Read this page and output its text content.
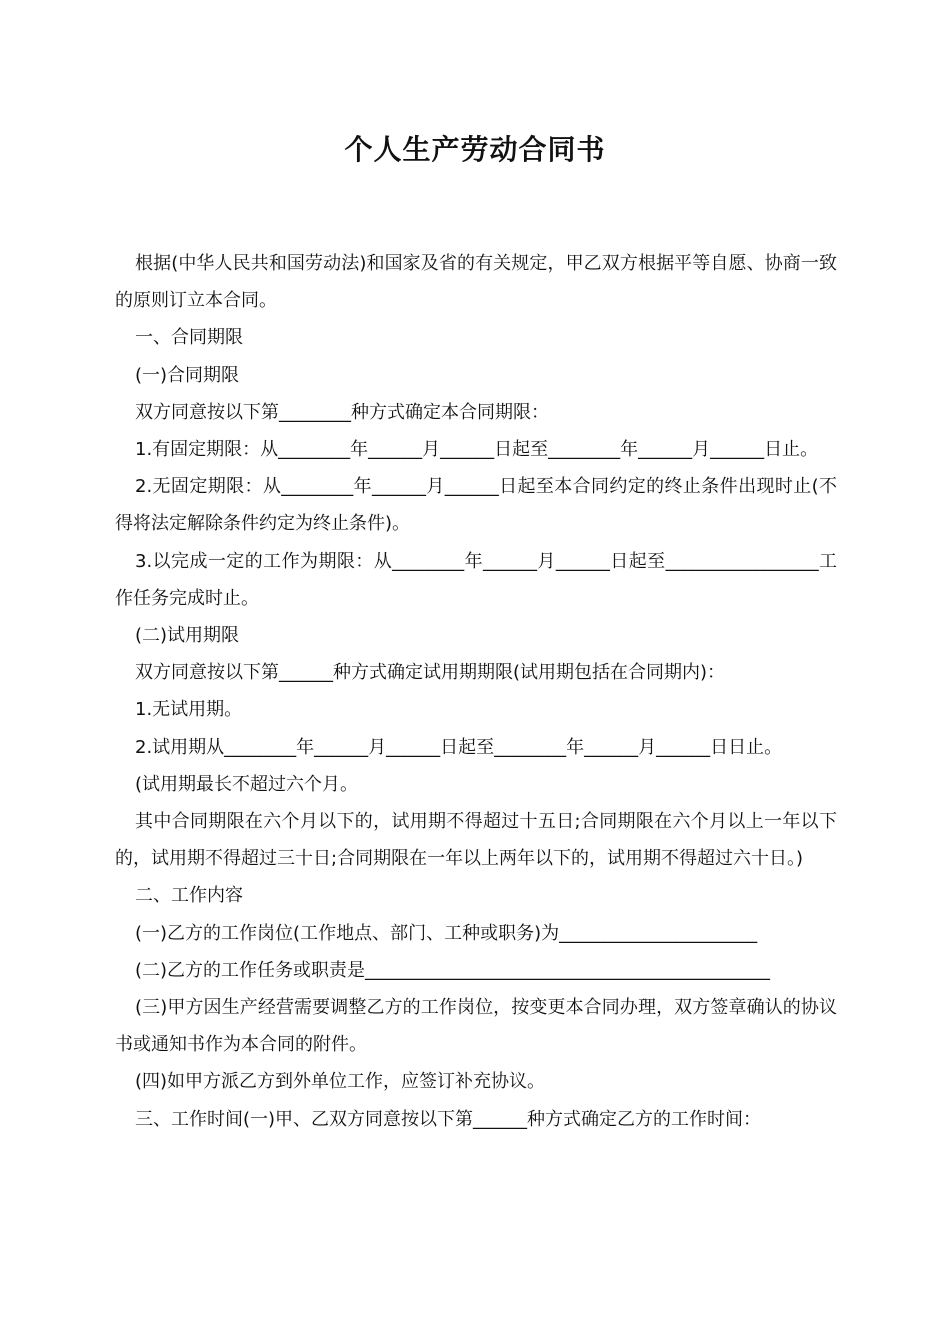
个人生产劳动合同书

根据(中华人民共和国劳动法)和国家及省的有关规定，甲乙双方根据平等自愿、协商一致的原则订立本合同。

一、合同期限

(一)合同期限

双方同意按以下第________种方式确定本合同期限：

1.有固定期限：从________年______月______日起至________年______月______日止。

2.无固定期限：从________年______月______日起至本合同约定的终止条件出现时止(不得将法定解除条件约定为终止条件)。

3.以完成一定的工作为期限：从________年______月______日起至_________________工作任务完成时止。

(二)试用期限

双方同意按以下第______种方式确定试用期期限(试用期包括在合同期内)：

1.无试用期。

2.试用期从________年______月______日起至________年______月______日日止。

(试用期最长不超过六个月。

其中合同期限在六个月以下的，试用期不得超过十五日;合同期限在六个月以上一年以下的，试用期不得超过三十日;合同期限在一年以上两年以下的，试用期不得超过六十日。)

二、工作内容

(一)乙方的工作岗位(工作地点、部门、工种或职务)为______________________

(二)乙方的工作任务或职责是_____________________________________________

(三)甲方因生产经营需要调整乙方的工作岗位，按变更本合同办理，双方签章确认的协议书或通知书作为本合同的附件。

(四)如甲方派乙方到外单位工作，应签订补充协议。

三、工作时间(一)甲、乙双方同意按以下第______种方式确定乙方的工作时间：
